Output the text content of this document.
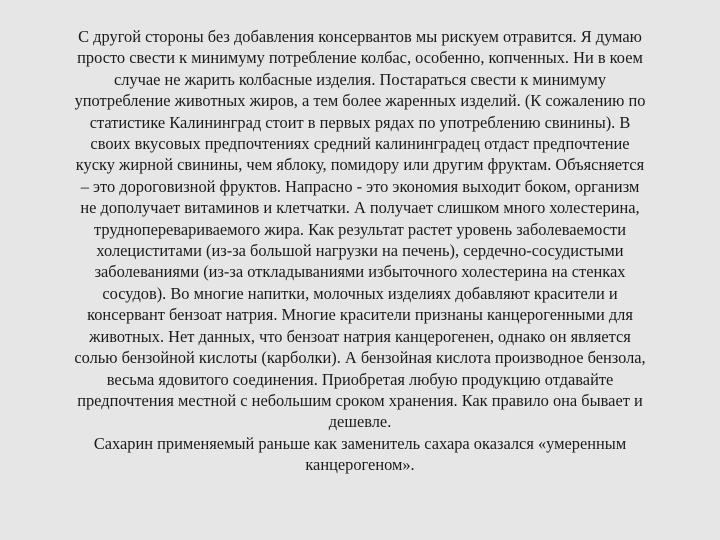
С другой стороны без добавления консервантов мы рискуем отравится. Я думаю
просто свести к минимуму потребление колбас, особенно, копченных. Ни в коем
случае не жарить колбасные изделия. Постараться свести к минимуму
употребление животных жиров, а тем более жаренных изделий. (К сожалению по
статистике Калининград стоит в первых рядах по употреблению свинины). В
своих вкусовых предпочтениях средний калининградец отдаст предпочтение
куску жирной свинины, чем яблоку, помидору или другим фруктам. Объясняется
– это дороговизной фруктов. Напрасно - это экономия выходит боком, организм
не дополучает витаминов и клетчатки. А получает слишком много холестерина,
трудноперевариваемого жира. Как результат растет уровень заболеваемости
холециститами (из-за большой нагрузки на печень), сердечно-сосудистыми
заболеваниями (из-за откладываниями избыточного холестерина на стенках
сосудов). Во многие напитки, молочных изделиях добавляют красители и
консервант бензоат натрия. Многие красители признаны канцерогенными для
животных. Нет данных, что бензоат натрия канцерогенен, однако он является
солью бензойной кислоты (карболки). А бензойная кислота производное бензола,
весьма ядовитого соединения. Приобретая любую продукцию отдавайте
предпочтения местной с небольшим сроком хранения. Как правило она бывает и
дешевле.
Сахарин применяемый раньше как заменитель сахара оказался «умеренным
канцерогеном».
